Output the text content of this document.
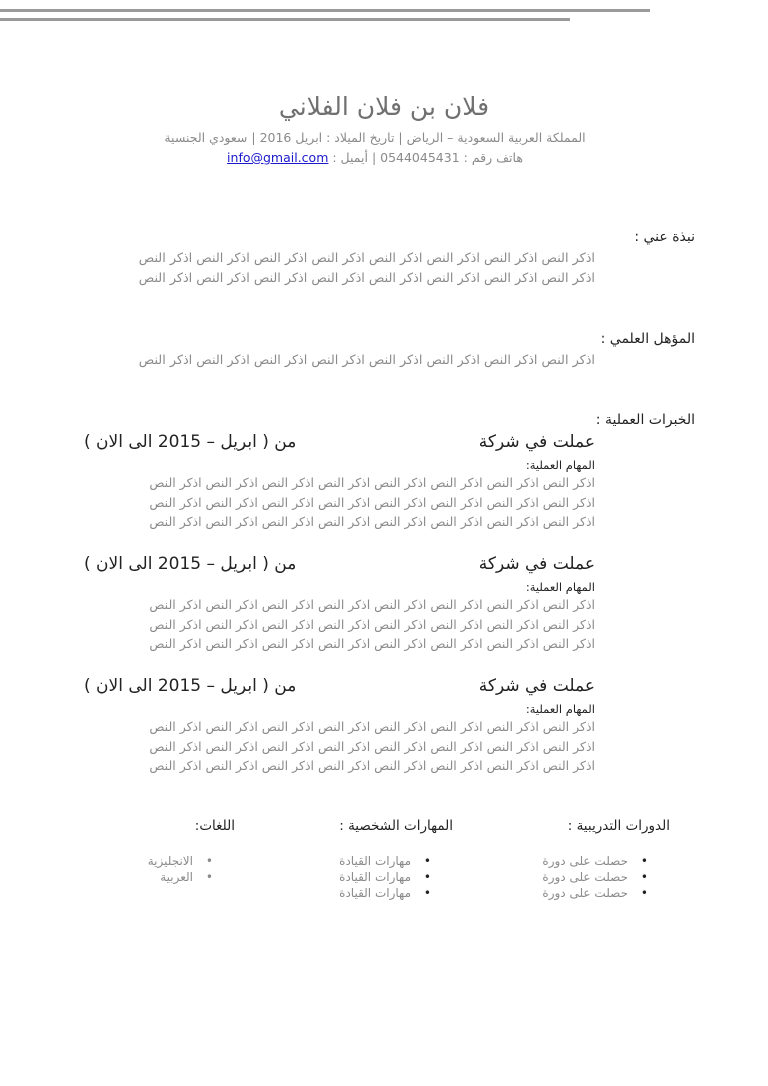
فلان بن فلان الفلاني
المملكة العربية السعودية – الرياض | تاريخ الميلاد : ابريل 2016 | سعودي الجنسية
هاتف رقم : 0544045431 | أيميل : info@gmail.com
نبذة عني :
اذكر النص اذكر النص اذكر النص اذكر النص اذكر النص اذكر النص اذكر النص اذكر النص
اذكر النص اذكر النص اذكر النص اذكر النص اذكر النص اذكر النص اذكر النص اذكر النص
المؤهل العلمي :
اذكر النص اذكر النص اذكر النص اذكر النص اذكر النص اذكر النص اذكر النص اذكر النص
الخبرات العملية :
عملت في شركة
من ( ابريل – 2015 الى الان )
المهام العملية:
اذكر النص اذكر النص اذكر النص اذكر النص اذكر النص اذكر النص اذكر النص اذكر النص
اذكر النص اذكر النص اذكر النص اذكر النص اذكر النص اذكر النص اذكر النص اذكر النص
اذكر النص اذكر النص اذكر النص اذكر النص اذكر النص اذكر النص اذكر النص اذكر النص
عملت في شركة
من ( ابريل – 2015 الى الان )
المهام العملية:
اذكر النص اذكر النص اذكر النص اذكر النص اذكر النص اذكر النص اذكر النص اذكر النص
اذكر النص اذكر النص اذكر النص اذكر النص اذكر النص اذكر النص اذكر النص اذكر النص
اذكر النص اذكر النص اذكر النص اذكر النص اذكر النص اذكر النص اذكر النص اذكر النص
عملت في شركة
من ( ابريل – 2015 الى الان )
المهام العملية:
اذكر النص اذكر النص اذكر النص اذكر النص اذكر النص اذكر النص اذكر النص اذكر النص
اذكر النص اذكر النص اذكر النص اذكر النص اذكر النص اذكر النص اذكر النص اذكر النص
اذكر النص اذكر النص اذكر النص اذكر النص اذكر النص اذكر النص اذكر النص اذكر النص
الدورات التدريبية :
• حصلت على دورة
• حصلت على دورة
• حصلت على دورة
المهارات الشخصية :
• مهارات القيادة
• مهارات القيادة
• مهارات القيادة
اللغات:
• الانجليزية
• العربية
